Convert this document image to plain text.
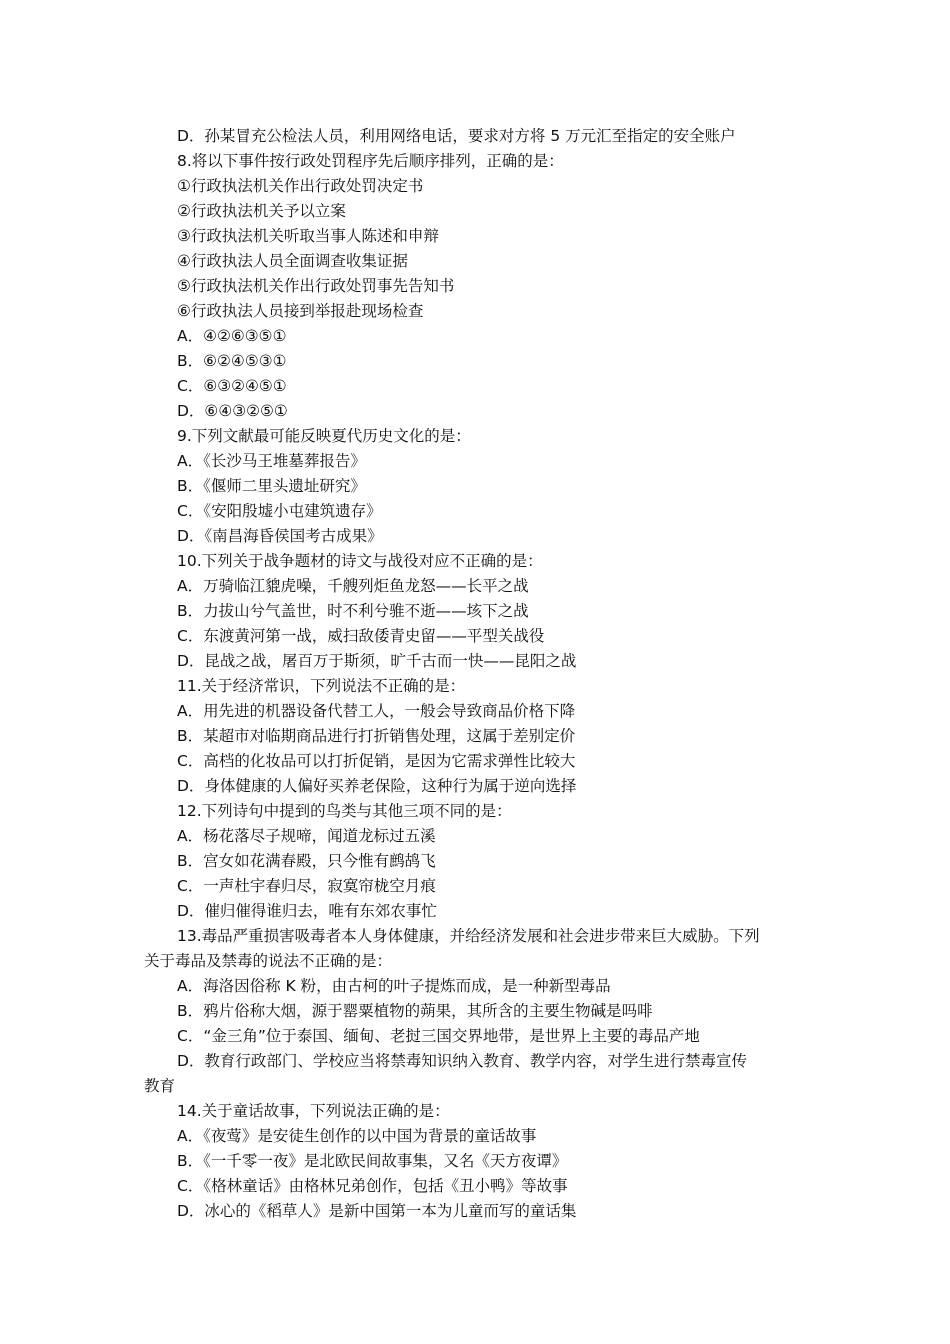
D．孙某冒充公检法人员，利用网络电话，要求对方将 5 万元汇至指定的安全账户
8.将以下事件按行政处罚程序先后顺序排列，正确的是：
①行政执法机关作出行政处罚决定书
②行政执法机关予以立案
③行政执法机关听取当事人陈述和申辩
④行政执法人员全面调查收集证据
⑤行政执法机关作出行政处罚事先告知书
⑥行政执法人员接到举报赴现场检查
A．④②⑥③⑤①
B．⑥②④⑤③①
C．⑥③②④⑤①
D．⑥④③②⑤①
9.下列文献最可能反映夏代历史文化的是：
A．《长沙马王堆墓葬报告》
B．《偃师二里头遗址研究》
C．《安阳殷墟小屯建筑遗存》
D．《南昌海昏侯国考古成果》
10.下列关于战争题材的诗文与战役对应不正确的是：
A．万骑临江貔虎噪，千艘列炬鱼龙怒——长平之战
B．力拔山兮气盖世，时不利兮骓不逝——垓下之战
C．东渡黄河第一战，威扫敌倭青史留——平型关战役
D．昆战之战，屠百万于斯须，旷千古而一快——昆阳之战
11.关于经济常识，下列说法不正确的是：
A．用先进的机器设备代替工人，一般会导致商品价格下降
B．某超市对临期商品进行打折销售处理，这属于差别定价
C．高档的化妆品可以打折促销，是因为它需求弹性比较大
D．身体健康的人偏好买养老保险，这种行为属于逆向选择
12.下列诗句中提到的鸟类与其他三项不同的是：
A．杨花落尽子规啼，闻道龙标过五溪
B．宫女如花满春殿，只今惟有鹧鸪飞
C．一声杜宇春归尽，寂寞帘栊空月痕
D．催归催得谁归去，唯有东郊农事忙
13.毒品严重损害吸毒者本人身体健康，并给经济发展和社会进步带来巨大威胁。下列
关于毒品及禁毒的说法不正确的是：
A．海洛因俗称 K 粉，由古柯的叶子提炼而成，是一种新型毒品
B．鸦片俗称大烟，源于罂粟植物的蒴果，其所含的主要生物碱是吗啡
C．“金三角”位于泰国、缅甸、老挝三国交界地带，是世界上主要的毒品产地
D．教育行政部门、学校应当将禁毒知识纳入教育、教学内容，对学生进行禁毒宣传
教育
14.关于童话故事，下列说法正确的是：
A．《夜莺》是安徒生创作的以中国为背景的童话故事
B．《一千零一夜》是北欧民间故事集，又名《天方夜谭》
C．《格林童话》由格林兄弟创作，包括《丑小鸭》等故事
D．冰心的《稻草人》是新中国第一本为儿童而写的童话集
